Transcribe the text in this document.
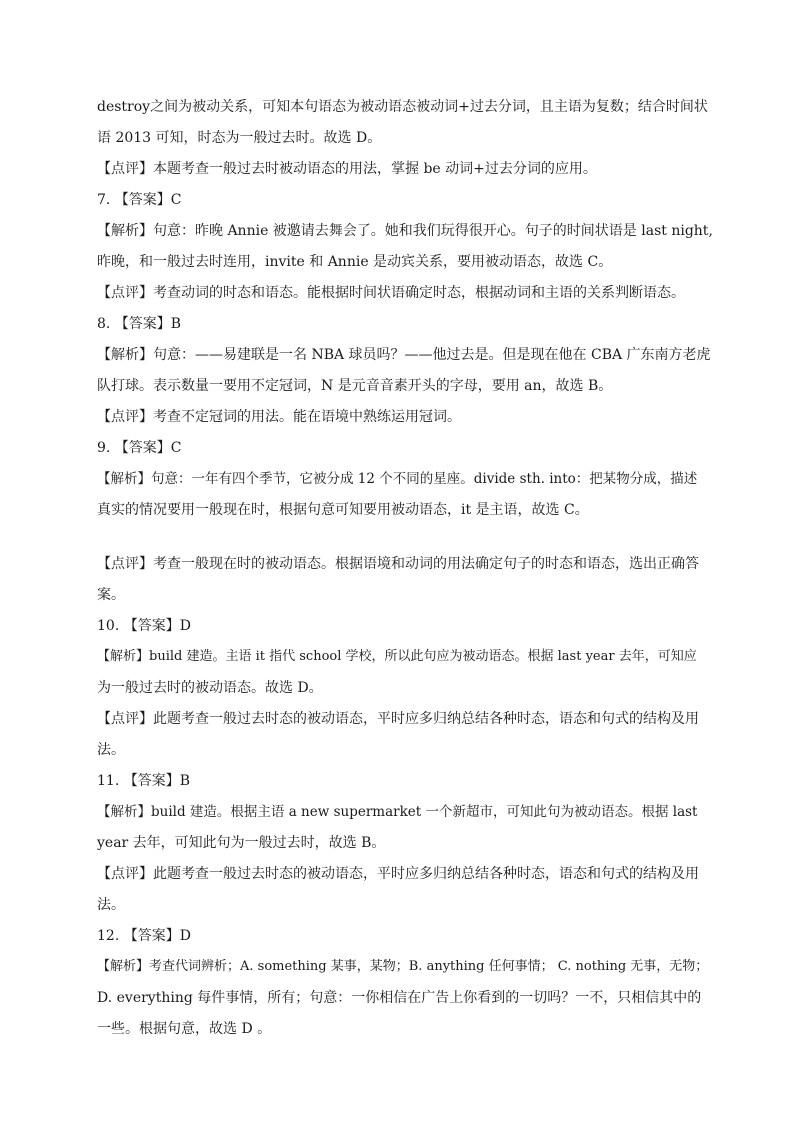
destroy之间为被动关系，可知本句语态为被动语态被动词+过去分词，且主语为复数；结合时间状
语 2013 可知，时态为一般过去时。故选 D。
【点评】本题考查一般过去时被动语态的用法，掌握 be 动词+过去分词的应用。
7. 【答案】C
【解析】句意：昨晚 Annie 被邀请去舞会了。她和我们玩得很开心。句子的时间状语是 last night,
昨晚，和一般过去时连用，invite 和 Annie 是动宾关系，要用被动语态，故选 C。
【点评】考查动词的时态和语态。能根据时间状语确定时态，根据动词和主语的关系判断语态。
8. 【答案】B
【解析】句意：——易建联是一名 NBA 球员吗？——他过去是。但是现在他在 CBA 广东南方老虎
队打球。表示数量一要用不定冠词，N 是元音音素开头的字母，要用 an，故选 B。
【点评】考查不定冠词的用法。能在语境中熟练运用冠词。
9. 【答案】C
【解析】句意：一年有四个季节，它被分成 12 个不同的星座。divide sth. into：把某物分成，描述
真实的情况要用一般现在时，根据句意可知要用被动语态，it 是主语，故选 C。
【点评】考查一般现在时的被动语态。根据语境和动词的用法确定句子的时态和语态，选出正确答
案。
10. 【答案】D
【解析】build 建造。主语 it 指代 school 学校，所以此句应为被动语态。根据 last year 去年，可知应
为一般过去时的被动语态。故选 D。
【点评】此题考查一般过去时态的被动语态，平时应多归纳总结各种时态，语态和句式的结构及用
法。
11. 【答案】B
【解析】build 建造。根据主语 a new supermarket 一个新超市，可知此句为被动语态。根据 last
year 去年，可知此句为一般过去时，故选 B。
【点评】此题考查一般过去时态的被动语态，平时应多归纳总结各种时态，语态和句式的结构及用
法。
12. 【答案】D
【解析】考查代词辨析；A. something 某事，某物；B. anything 任何事情； C. nothing 无事，无物；
D. everything 每件事情，所有；句意：一你相信在广告上你看到的一切吗？一不，只相信其中的
一些。根据句意，故选 D 。
